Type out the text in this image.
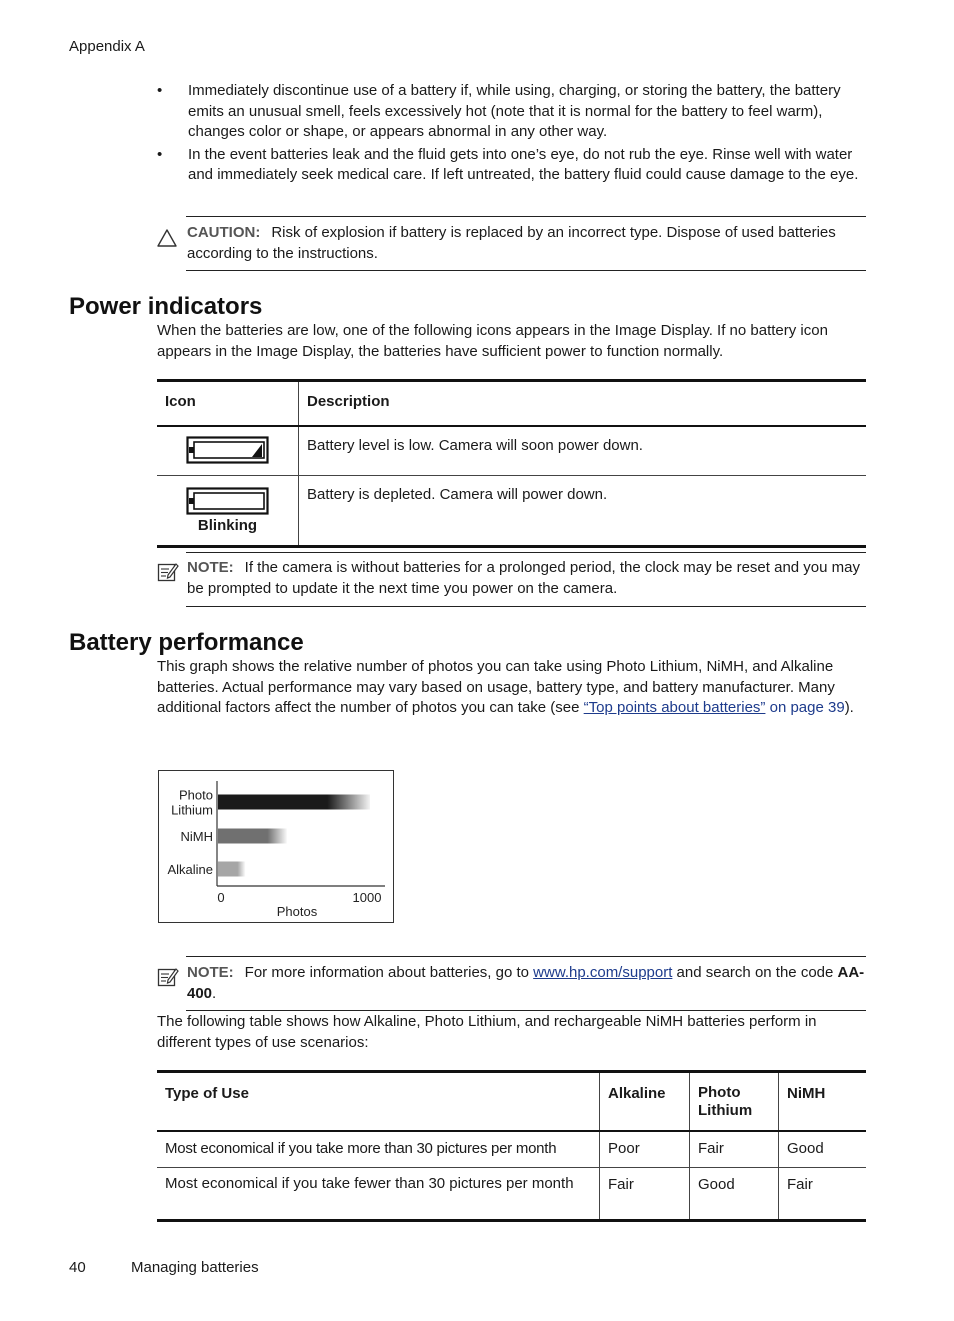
Appendix A
• Immediately discontinue use of a battery if, while using, charging, or storing the battery, the battery emits an unusual smell, feels excessively hot (note that it is normal for the battery to feel warm), changes color or shape, or appears abnormal in any other way.
• In the event batteries leak and the fluid gets into one’s eye, do not rub the eye. Rinse well with water and immediately seek medical care. If left untreated, the battery fluid could cause damage to the eye.
CAUTION: Risk of explosion if battery is replaced by an incorrect type. Dispose of used batteries according to the instructions.
Power indicators

When the batteries are low, one of the following icons appears in the Image Display. If no battery icon appears in the Image Display, the batteries have sufficient power to function normally.

Icon	Description
	Battery level is low. Camera will soon power down.

Blinking	Battery is depleted. Camera will power down.
NOTE: If the camera is without batteries for a prolonged period, the clock may be reset and you may be prompted to update it the next time you power on the camera.
Battery performance

This graph shows the relative number of photos you can take using Photo Lithium, NiMH, and Alkaline batteries. Actual performance may vary based on usage, battery type, and battery manufacturer. Many additional factors affect the number of photos you can take (see “Top points about batteries” on page 39).

Photo Lithium
NiMH
Alkaline
0	1000
Photos
NOTE: For more information about batteries, go to www.hp.com/support and search on the code AA-400.

The following table shows how Alkaline, Photo Lithium, and rechargeable NiMH batteries perform in different types of use scenarios:

Type of Use	Alkaline	Photo Lithium	NiMH
Most economical if you take more than 30 pictures per month	Poor	Fair	Good
Most economical if you take fewer than 30 pictures per month	Fair	Good	Fair
40	Managing batteries
